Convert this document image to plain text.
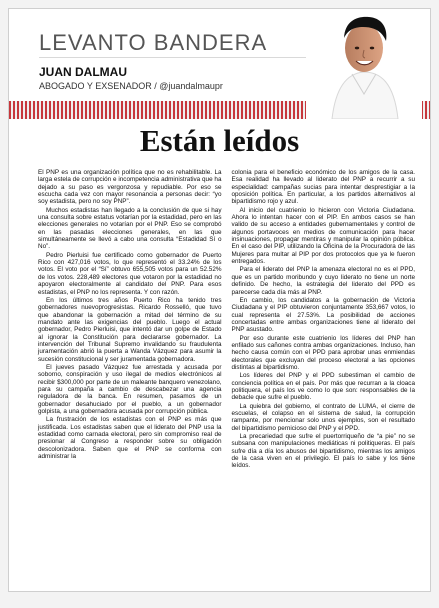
LEVANTO BANDERA
JUAN DALMAU
ABOGADO Y EXSENADOR / @juandalmaupr
Están leídos

El PNP es una organización política que no es rehabilitable. La larga estela de corrupción e incompetencia administrativa que ha dejado a su paso es vergonzosa y repudiable. Por eso se escucha cada vez con mayor resonancia a personas decir: “yo soy estadista, pero no soy PNP”.

Muchos estadistas han llegado a la conclusión de que si hay una consulta sobre estatus votarían por la estadidad, pero en las elecciones generales no votarían por el PNP. Eso se comprobó en las pasadas elecciones generales, en las que simultáneamente se llevó a cabo una consulta “Estadidad Sí o No”.

Pedro Pierluisi fue certificado como gobernador de Puerto Rico con 427,016 votos, lo que representó el 33.24% de los votos. El voto por el “Sí” obtuvo 655,505 votos para un 52.52% de los votos. 228,489 electores que votaron por la estadidad no apoyaron electoralmente al candidato del PNP. Para esos estadistas, el PNP no los representa. Y con razón.

En los últimos tres años Puerto Rico ha tenido tres gobernadores nuevoprogresistas. Ricardo Rosselló, que tuvo que abandonar la gobernación a mitad del término de su mandato ante las exigencias del pueblo. Luego el actual gobernador, Pedro Pierluisi, que intentó dar un golpe de Estado al ignorar la Constitución para declararse gobernador. La intervención del Tribunal Supremo invalidando su fraudulenta juramentación abrió la puerta a Wanda Vázquez para asumir la sucesión constitucional y ser juramentada gobernadora.

El jueves pasado Vázquez fue arrestada y acusada por soborno, conspiración y uso ilegal de medios electrónicos al recibir $300,000 por parte de un maleante banquero venezolano, para su campaña a cambio de descabezar una agencia reguladora de la banca. En resumen, pasamos de un gobernador desahuciado por el pueblo, a un gobernador golpista, a una gobernadora acusada por corrupción pública.

La frustración de los estadistas con el PNP es más que justificada. Los estadistas saben que el liderato del PNP usa la estadidad como carnada electoral, pero sin compromiso real de presionar al Congreso a responder sobre su obligación descolonizadora. Saben que el PNP se conforma con administrar la

colonia para el beneficio económico de los amigos de la casa. Esa realidad ha llevado al liderato del PNP a recurrir a su especialidad: campañas sucias para intentar desprestigiar a la oposición política. En particular, a los partidos alternativos al bipartidismo rojo y azul.

Al inicio del cuatrienio lo hicieron con Victoria Ciudadana. Ahora lo intentan hacer con el PIP. En ambos casos se han valido de su acceso a entidades gubernamentales y control de algunos portavoces en medios de comunicación para hacer insinuaciones, propagar mentiras y manipular la opinión pública. En el caso del PIP, utilizando la Oficina de la Procuradora de las Mujeres para multar al PIP por dos protocolos que ya le fueron entregados.

Para el liderato del PNP la amenaza electoral no es el PPD, que es un partido moribundo y cuyo liderato no tiene un norte definido. De hecho, la estrategia del liderato del PPD es parecerse cada día más al PNP.

En cambio, los candidatos a la gobernación de Victoria Ciudadana y el PIP obtuvieron conjuntamente 353,667 votos, lo cual representa el 27.53%. La posibilidad de acciones concertadas entre ambas organizaciones tiene al liderato del PNP asustado.

Por eso durante este cuatrienio los líderes del PNP han enfilado sus cañones contra ambas organizaciones. Incluso, han hecho causa común con el PPD para aprobar unas enmiendas electorales que excluyan del proceso electoral a las opciones distintas al bipartidismo.

Los líderes del PNP y el PPD subestiman el cambio de conciencia política en el país. Por más que recurran a la cloaca politiquera, el país los ve como lo que son: responsables de la debacle que sufre el pueblo.

La quiebra del gobierno, el contrato de LUMA, el cierre de escuelas, el colapso en el sistema de salud, la corrupción rampante, por mencionar solo unos ejemplos, son el resultado del bipartidismo pernicioso del PNP y el PPD.

La precariedad que sufre el puertorriqueño de “a pie” no se subsana con manipulaciones mediáticas ni politiqueras. El país sufre día a día los abusos del bipartidismo, mientras los amigos de la casa viven en el privilegio. El país lo sabe y los tiene leídos.
